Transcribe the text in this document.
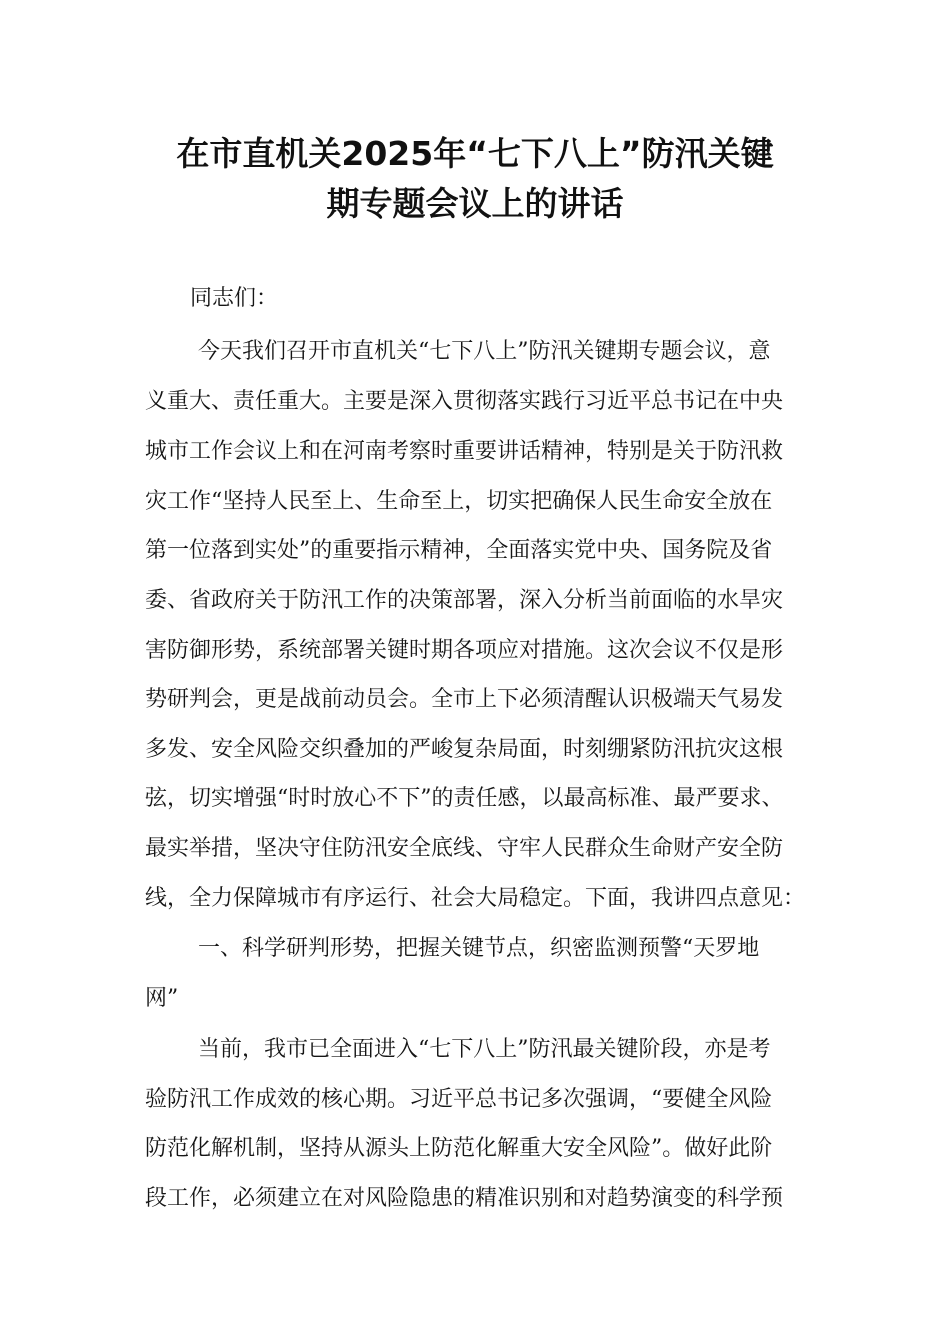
在市直机关2025年“七下八上”防汛关键
期专题会议上的讲话
同志们：
今天我们召开市直机关“七下八上”防汛关键期专题会议，意
义重大、责任重大。主要是深入贯彻落实践行习近平总书记在中央
城市工作会议上和在河南考察时重要讲话精神，特别是关于防汛救
灾工作“坚持人民至上、生命至上，切实把确保人民生命安全放在
第一位落到实处”的重要指示精神，全面落实党中央、国务院及省
委、省政府关于防汛工作的决策部署，深入分析当前面临的水旱灾
害防御形势，系统部署关键时期各项应对措施。这次会议不仅是形
势研判会，更是战前动员会。全市上下必须清醒认识极端天气易发
多发、安全风险交织叠加的严峻复杂局面，时刻绷紧防汛抗灾这根
弦，切实增强“时时放心不下”的责任感，以最高标准、最严要求、
最实举措，坚决守住防汛安全底线、守牢人民群众生命财产安全防
线，全力保障城市有序运行、社会大局稳定。下面，我讲四点意见：
一、科学研判形势，把握关键节点，织密监测预警“天罗地
网”
当前，我市已全面进入“七下八上”防汛最关键阶段，亦是考
验防汛工作成效的核心期。习近平总书记多次强调，“要健全风险
防范化解机制，坚持从源头上防范化解重大安全风险”。做好此阶
段工作，必须建立在对风险隐患的精准识别和对趋势演变的科学预
